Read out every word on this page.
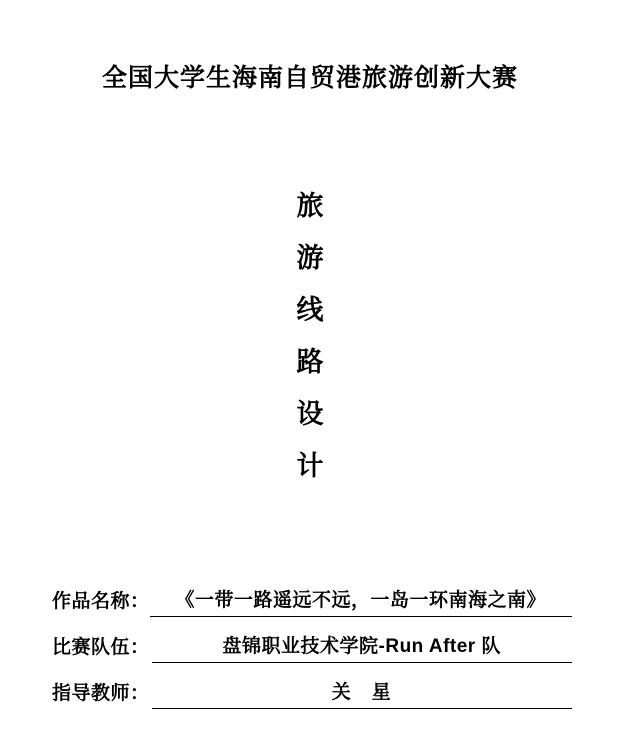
全国大学生海南自贸港旅游创新大赛
旅
游
线
路
设
计
作品名称：	《一带一路遥远不远，一岛一环南海之南》
比赛队伍：	盘锦职业技术学院-Run After 队
指导教师：	关　星
